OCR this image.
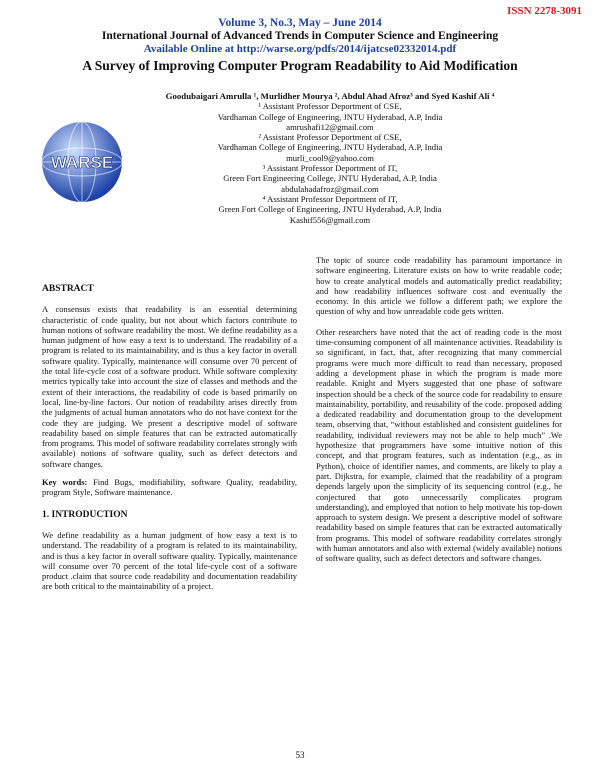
ISSN 2278-3091
Volume 3, No.3, May – June 2014
International Journal of Advanced Trends in Computer Science and Engineering
Available Online at http://warse.org/pdfs/2014/ijatcse02332014.pdf
A Survey of Improving Computer Program Readability to Aid Modification
WARSE
Goodubaigari Amrulla ¹, Murlidher Mourya ², Abdul Ahad Afroz³ and Syed Kashif Ali ⁴
¹ Assistant Professor Deportment of CSE,
Vardhaman College of Engineering, JNTU Hyderabad, A.P, India
amrushafi12@gmail.com
² Assistant Professor Deportment of CSE,
Vardhaman College of Engineering, JNTU Hyderabad, A.P, India
murli_cool9@yahoo.com
³ Assistant Professor Deportment of IT,
Green Fort Engineering College, JNTU Hyderabad, A.P, India
abdulahadafroz@gmail.com
⁴ Assistant Professor Deportment of IT,
Green Fort College of Engineering, JNTU Hyderabad, A.P, India
Kashif556@gmail.com
ABSTRACT

A consensus exists that readability is an essential determining characteristic of code quality, but not about which factors contribute to human notions of software readability the most. We define readability as a human judgment of how easy a text is to understand. The readability of a program is related to its maintainability, and is thus a key factor in overall software quality. Typically, maintenance will consume over 70 percent of the total life-cycle cost of a software product. While software complexity metrics typically take into account the size of classes and methods and the extent of their interactions, the readability of code is based primarily on local, line-by-line factors. Our notion of readability arises directly from the judgments of actual human annotators who do not have context for the code they are judging. We present a descriptive model of software readability based on simple features that can be extracted automatically from programs. This model of software readability correlates strongly with available) notions of software quality, such as defect detectors and software changes.

Key words: Find Bugs, modifiability, software Quality, readability, program Style, Software maintenance.

1. INTRODUCTION

We define readability as a human judgment of how easy a text is to understand. The readability of a program is related to its maintainability, and is thus a key factor in overall software quality. Typically, maintenance will consume over 70 percent of the total life-cycle cost of a software product .claim that source code readability and documentation readability are both critical to the maintainability of a project.

The topic of source code readability has paramount importance in software engineering. Literature exists on how to write readable code; how to create analytical models and automatically predict readability; and how readability influences software cost and eventually the economy. In this article we follow a different path; we explore the question of why and how unreadable code gets written.

Other researchers have noted that the act of reading code is the most time-consuming component of all maintenance activities. Readability is so significant, in fact, that, after recognizing that many commercial programs were much more difficult to read than necessary, proposed adding a development phase in which the program is made more readable. Knight and Myers suggested that one phase of software inspection should be a check of the source code for readability to ensure maintainability, portability, and reusability of the code. proposed adding a dedicated readability and documentation group to the development team, observing that, “without established and consistent guidelines for readability, individual reviewers may not be able to help much” .We hypothesize that programmers have some intuitive notion of this concept, and that program features, such as indentation (e.g., as in Python), choice of identifier names, and comments, are likely to play a part. Dijkstra, for example, claimed that the readability of a program depends largely upon the simplicity of its sequencing control (e.g., he conjectured that goto unnecessarily complicates program understanding), and employed that notion to help motivate his top-down approach to system design. We present a descriptive model of software readability based on simple features that can be extracted automatically from programs. This model of software readability correlates strongly with human annotators and also with external (widely available) notions of software quality, such as defect detectors and software changes.

53
